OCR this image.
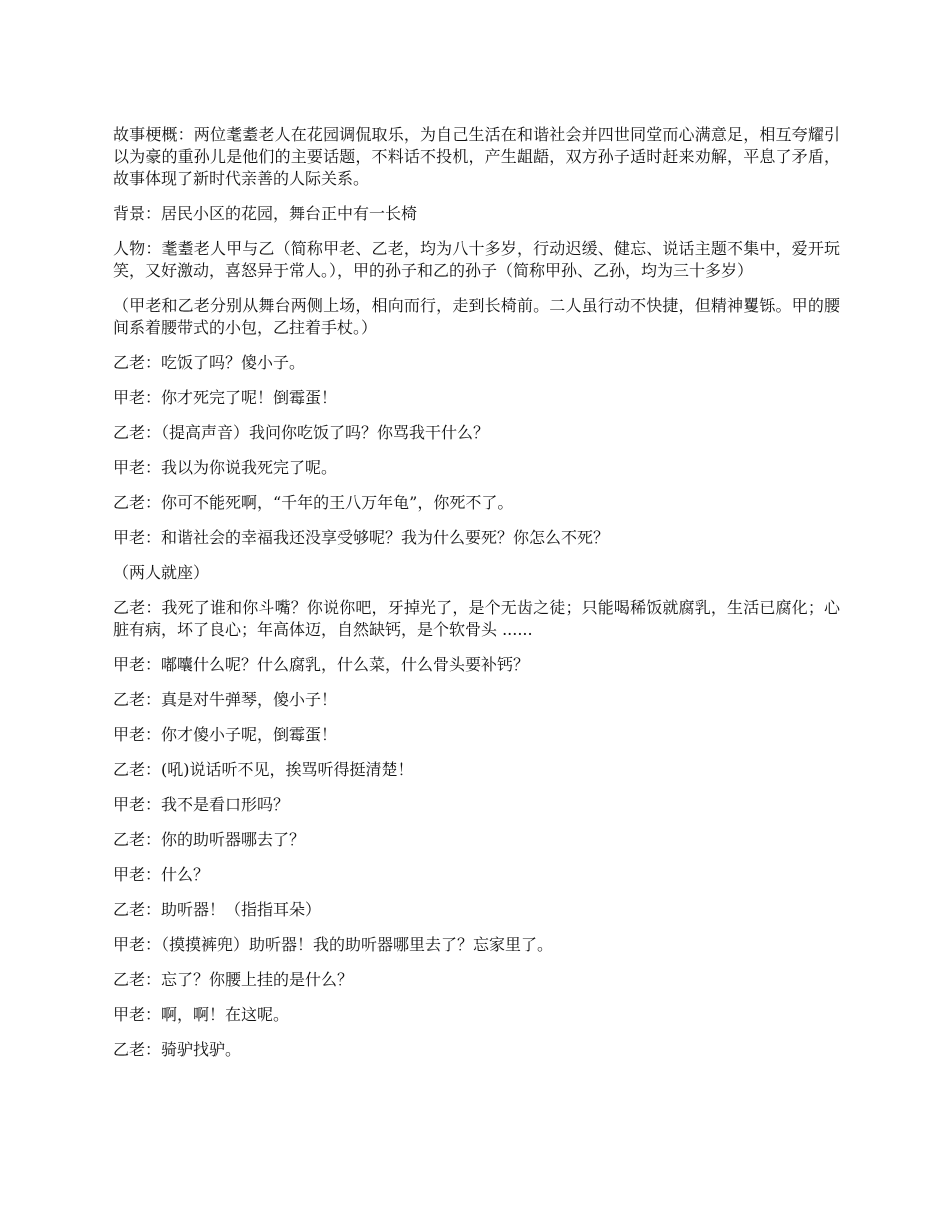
故事梗概：两位耄耋老人在花园调侃取乐，为自己生活在和谐社会并四世同堂而心满意足，相互夸耀引以为豪的重孙儿是他们的主要话题，不料话不投机，产生龃龉，双方孙子适时赶来劝解，平息了矛盾，故事体现了新时代亲善的人际关系。

背景：居民小区的花园，舞台正中有一长椅

人物：耄耋老人甲与乙（简称甲老、乙老，均为八十多岁，行动迟缓、健忘、说话主题不集中，爱开玩笑，又好激动，喜怒异于常人。），甲的孙子和乙的孙子（简称甲孙、乙孙，均为三十多岁）

（甲老和乙老分别从舞台两侧上场，相向而行，走到长椅前。二人虽行动不快捷，但精神矍铄。甲的腰间系着腰带式的小包，乙拄着手杖。）

乙老：吃饭了吗？傻小子。

甲老：你才死完了呢！倒霉蛋！

乙老：（提高声音）我问你吃饭了吗？你骂我干什么？

甲老：我以为你说我死完了呢。

乙老：你可不能死啊，“千年的王八万年龟”，你死不了。

甲老：和谐社会的幸福我还没享受够呢？我为什么要死？你怎么不死？

（两人就座）

乙老：我死了谁和你斗嘴？你说你吧，牙掉光了，是个无齿之徒；只能喝稀饭就腐乳，生活已腐化；心脏有病，坏了良心；年高体迈，自然缺钙，是个软骨头 ......

甲老：嘟囔什么呢？什么腐乳，什么菜，什么骨头要补钙？

乙老：真是对牛弹琴，傻小子！

甲老：你才傻小子呢，倒霉蛋！

乙老：(吼)说话听不见，挨骂听得挺清楚！

甲老：我不是看口形吗？

乙老：你的助听器哪去了？

甲老：什么？

乙老：助听器！（指指耳朵）

甲老：（摸摸裤兜）助听器！我的助听器哪里去了？忘家里了。

乙老：忘了？你腰上挂的是什么？

甲老：啊，啊！在这呢。

乙老：骑驴找驴。
